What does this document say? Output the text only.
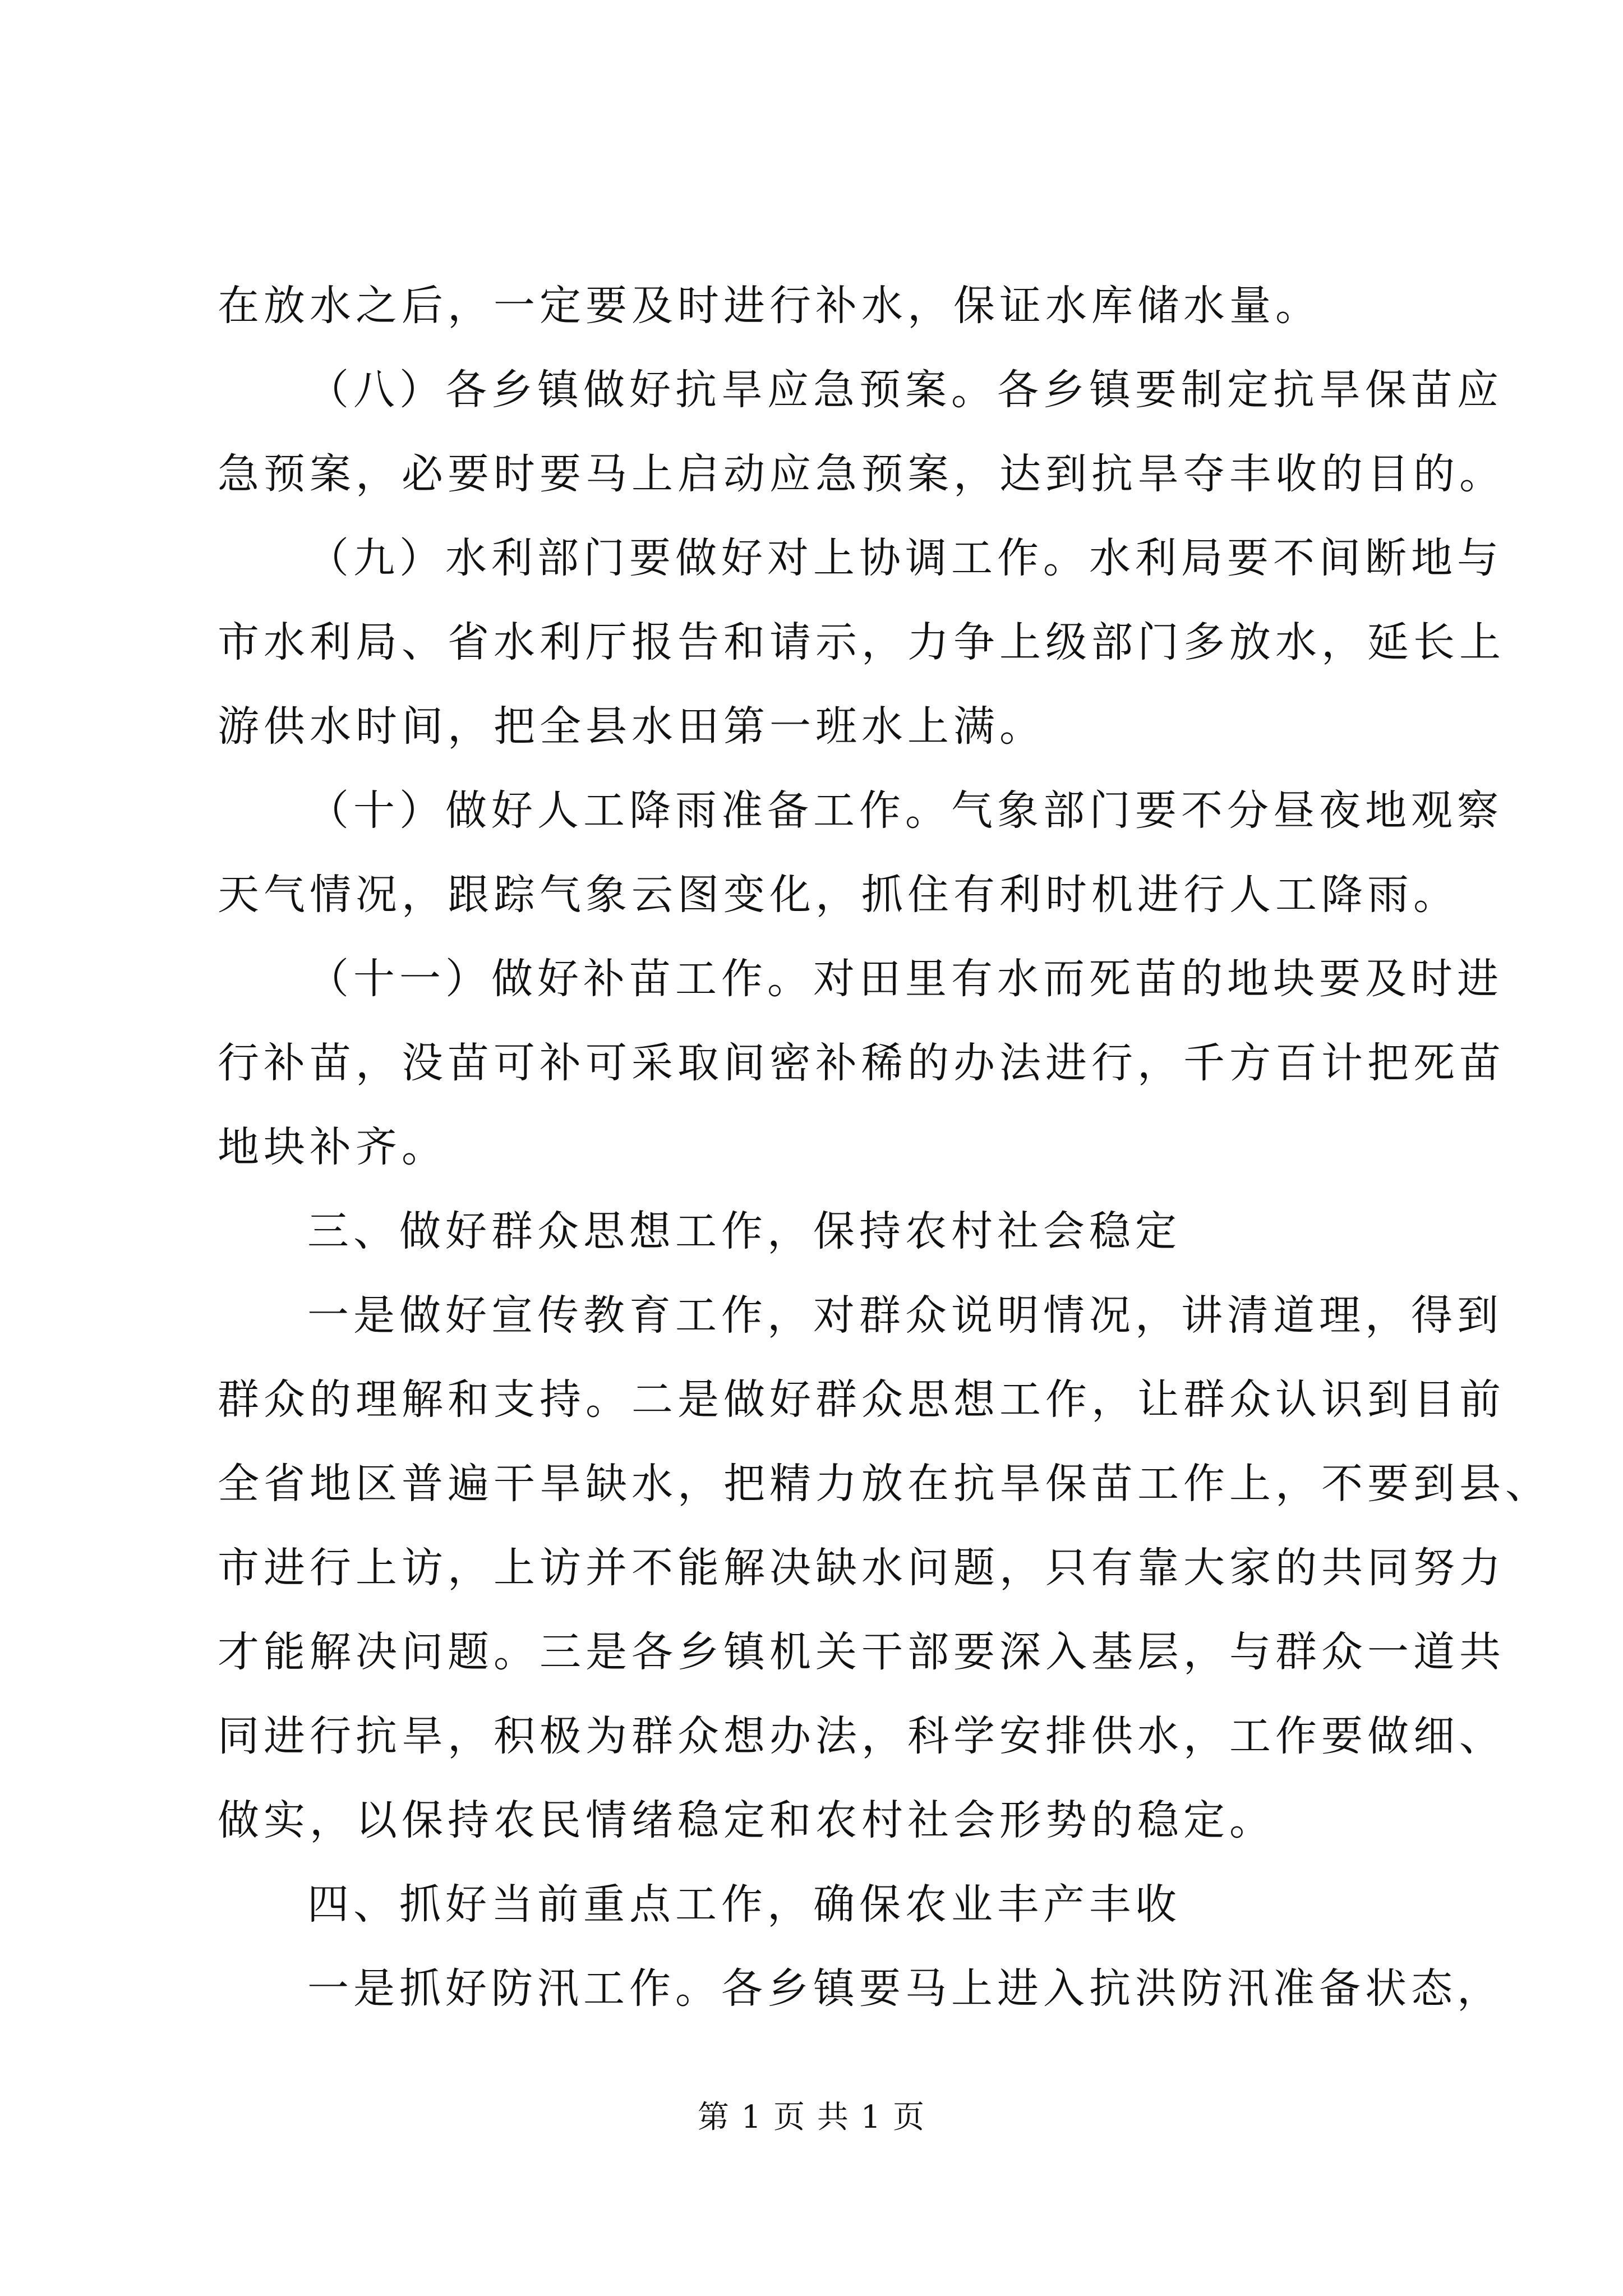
在放水之后，一定要及时进行补水，保证水库储水量。
（八）各乡镇做好抗旱应急预案。各乡镇要制定抗旱保苗应
急预案，必要时要马上启动应急预案，达到抗旱夺丰收的目的。
（九）水利部门要做好对上协调工作。水利局要不间断地与
市水利局、省水利厅报告和请示，力争上级部门多放水，延长上
游供水时间，把全县水田第一班水上满。
（十）做好人工降雨准备工作。气象部门要不分昼夜地观察
天气情况，跟踪气象云图变化，抓住有利时机进行人工降雨。
（十一）做好补苗工作。对田里有水而死苗的地块要及时进
行补苗，没苗可补可采取间密补稀的办法进行，千方百计把死苗
地块补齐。
三、做好群众思想工作，保持农村社会稳定
一是做好宣传教育工作，对群众说明情况，讲清道理，得到
群众的理解和支持。二是做好群众思想工作，让群众认识到目前
全省地区普遍干旱缺水，把精力放在抗旱保苗工作上，不要到县、
市进行上访，上访并不能解决缺水问题，只有靠大家的共同努力
才能解决问题。三是各乡镇机关干部要深入基层，与群众一道共
同进行抗旱，积极为群众想办法，科学安排供水，工作要做细、
做实，以保持农民情绪稳定和农村社会形势的稳定。
四、抓好当前重点工作，确保农业丰产丰收
一是抓好防汛工作。各乡镇要马上进入抗洪防汛准备状态，
第 1 页 共 1 页
